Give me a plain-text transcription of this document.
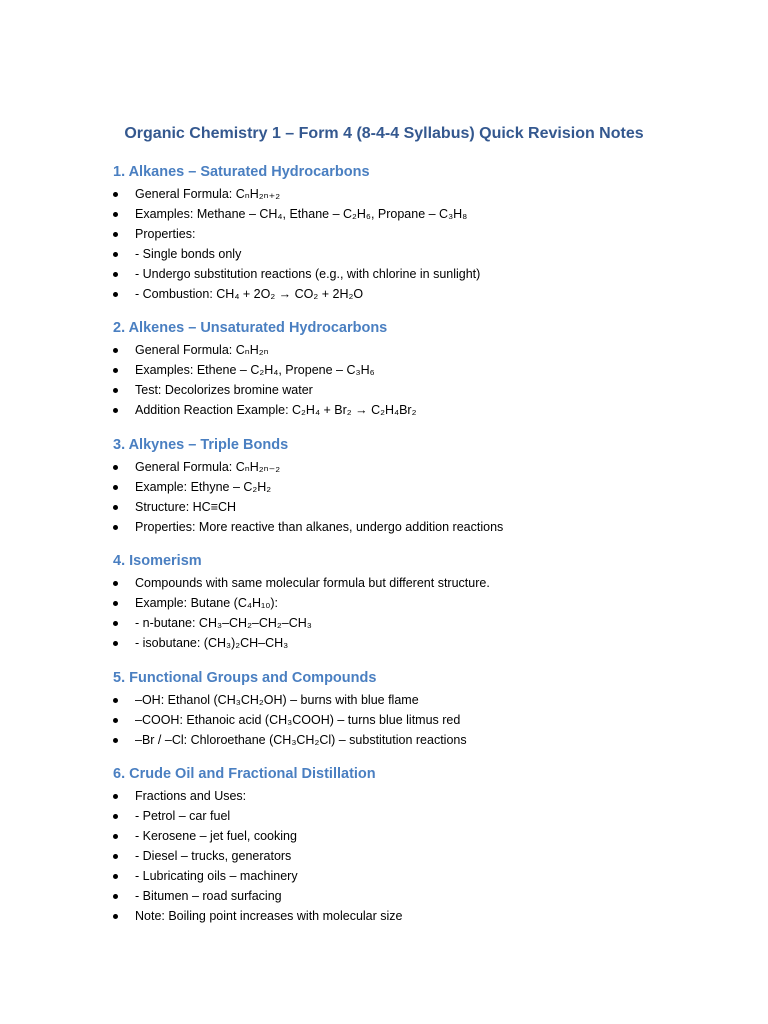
Organic Chemistry 1 – Form 4 (8-4-4 Syllabus) Quick Revision Notes
1. Alkanes – Saturated Hydrocarbons
General Formula: CₙH₂ₙ₊₂
Examples: Methane – CH₄, Ethane – C₂H₆, Propane – C₃H₈
Properties:
- Single bonds only
- Undergo substitution reactions (e.g., with chlorine in sunlight)
- Combustion: CH₄ + 2O₂ → CO₂ + 2H₂O
2. Alkenes – Unsaturated Hydrocarbons
General Formula: CₙH₂ₙ
Examples: Ethene – C₂H₄, Propene – C₃H₆
Test: Decolorizes bromine water
Addition Reaction Example: C₂H₄ + Br₂ → C₂H₄Br₂
3. Alkynes – Triple Bonds
General Formula: CₙH₂ₙ₋₂
Example: Ethyne – C₂H₂
Structure: HC≡CH
Properties: More reactive than alkanes, undergo addition reactions
4. Isomerism
Compounds with same molecular formula but different structure.
Example: Butane (C₄H₁₀):
- n-butane: CH₃–CH₂–CH₂–CH₃
- isobutane: (CH₃)₂CH–CH₃
5. Functional Groups and Compounds
–OH: Ethanol (CH₃CH₂OH) – burns with blue flame
–COOH: Ethanoic acid (CH₃COOH) – turns blue litmus red
–Br / –Cl: Chloroethane (CH₃CH₂Cl) – substitution reactions
6. Crude Oil and Fractional Distillation
Fractions and Uses:
- Petrol – car fuel
- Kerosene – jet fuel, cooking
- Diesel – trucks, generators
- Lubricating oils – machinery
- Bitumen – road surfacing
Note: Boiling point increases with molecular size
